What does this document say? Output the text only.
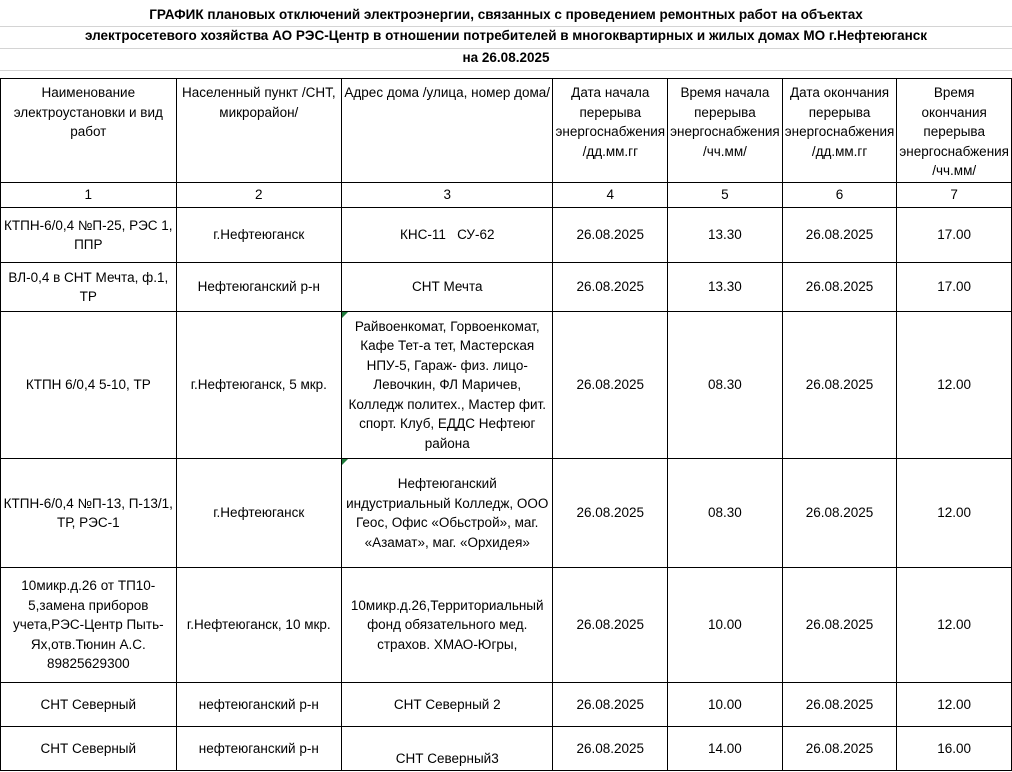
ГРАФИК плановых отключений электроэнергии, связанных с проведением ремонтных работ на объектах
электросетевого хозяйства АО РЭС-Центр в отношении потребителей в многоквартирных и жилых домах МО г.Нефтеюганск
на 26.08.2025
Наименование электроустановки и вид работ	Населенный пункт /СНТ, микрорайон/	Адрес дома /улица, номер дома/	Дата начала перерыва энергоснабжения /дд.мм.гг	Время начала перерыва энергоснабжения /чч.мм/	Дата окончания перерыва энергоснабжения /дд.мм.гг	Время окончания перерыва энергоснабжения /чч.мм/
1	2	3	4	5	6	7
КТПН-6/0,4 №П-25, РЭС 1, ППР	г.Нефтеюганск	КНС-11   СУ-62	26.08.2025	13.30	26.08.2025	17.00
ВЛ-0,4 в СНТ Мечта, ф.1, ТР	Нефтеюганский р-н	СНТ Мечта	26.08.2025	13.30	26.08.2025	17.00
КТПН 6/0,4 5-10, ТР	г.Нефтеюганск, 5 мкр.	Райвоенкомат, Горвоенкомат, Кафе Тет-а тет, Мастерская НПУ-5, Гараж- физ. лицо-Левочкин, ФЛ Маричев, Колледж политех., Мастер фит. спорт. Клуб, ЕДДС Нефтеюг района	26.08.2025	08.30	26.08.2025	12.00
КТПН-6/0,4 №П-13, П-13/1, ТР, РЭС-1	г.Нефтеюганск	Нефтеюганский индустриальный Колледж, ООО Геос, Офис «Обьстрой», маг. «Азамат», маг. «Орхидея»	26.08.2025	08.30	26.08.2025	12.00
10микр.д.26 от ТП10-5,замена приборов учета,РЭС-Центр Пыть-Ях,отв.Тюнин А.С. 89825629300	г.Нефтеюганск, 10 мкр.	10микр.д.26,Территориальный фонд обязательного мед. страхов. ХМАО-Югры,	26.08.2025	10.00	26.08.2025	12.00
СНТ Северный	нефтеюганский р-н	СНТ Северный 2	26.08.2025	10.00	26.08.2025	12.00
СНТ Северный	нефтеюганский р-н	СНТ Северный3	26.08.2025	14.00	26.08.2025	16.00
